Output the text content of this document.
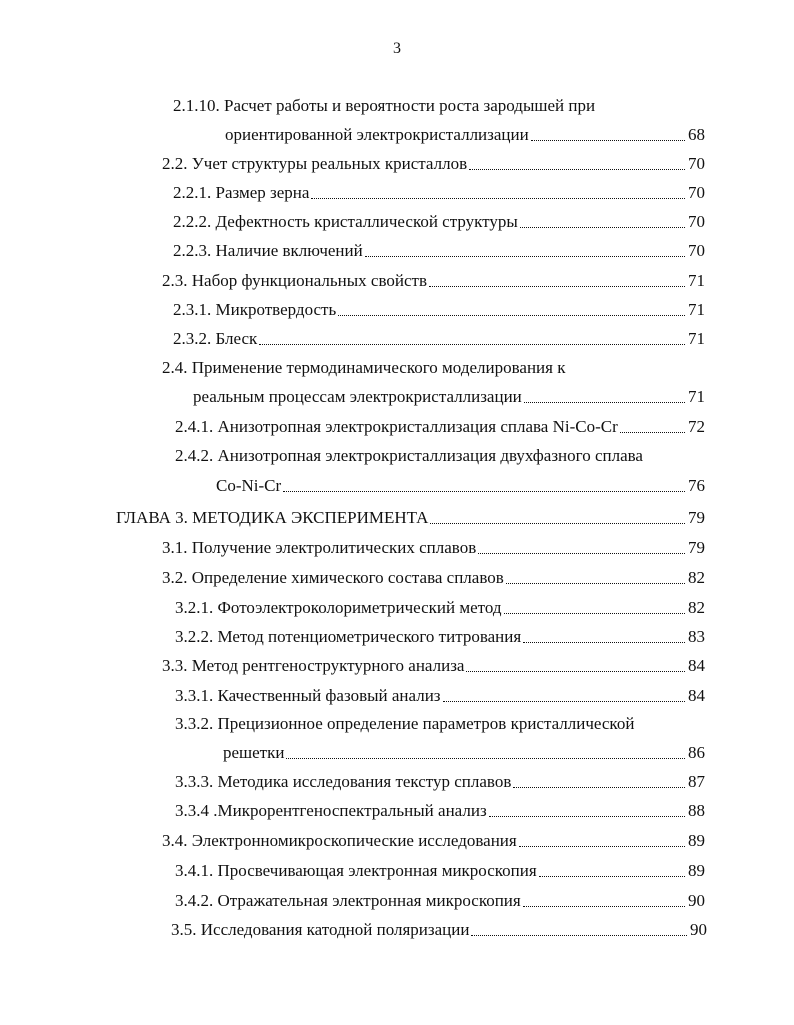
3
2.1.10. Расчет работы и вероятности роста зародышей при
ориентированной электрокристаллизации	68
2.2. Учет структуры реальных кристаллов	70
2.2.1. Размер зерна	70
2.2.2. Дефектность кристаллической структуры	70
2.2.3. Наличие включений	70
2.3. Набор функциональных свойств	71
2.3.1. Микротвердость	71
2.3.2. Блеск	71
2.4. Применение термодинамического моделирования к
реальным процессам электрокристаллизации	71
2.4.1. Анизотропная электрокристаллизация сплава Ni-Co-Cr	72
2.4.2. Анизотропная электрокристаллизация двухфазного сплава
Co-Ni-Cr	76
ГЛАВА 3. МЕТОДИКА ЭКСПЕРИМЕНТА	79
3.1. Получение электролитических сплавов	79
3.2. Определение химического состава сплавов	82
3.2.1. Фотоэлектроколориметрический метод	82
3.2.2. Метод потенциометрического титрования	83
3.3. Метод рентгеноструктурного анализа	84
3.3.1. Качественный фазовый анализ	84
3.3.2. Прецизионное определение параметров кристаллической
решетки	86
3.3.3. Методика исследования текстур сплавов	87
3.3.4 .Микрорентгеноспектральный анализ	88
3.4. Электронномикроскопические исследования	89
3.4.1. Просвечивающая электронная микроскопия	89
3.4.2. Отражательная электронная микроскопия	90
3.5. Исследования катодной поляризации	90
